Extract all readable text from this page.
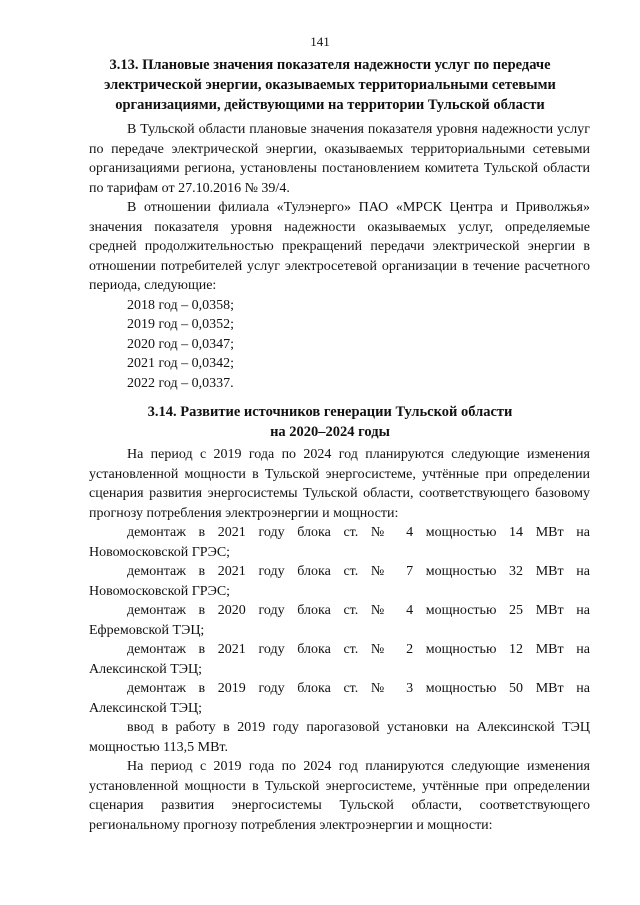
141
3.13. Плановые значения показателя надежности услуг по передаче
электрической энергии, оказываемых территориальными сетевыми
организациями, действующими на территории Тульской области

В Тульской области плановые значения показателя уровня надежности услуг по передаче электрической энергии, оказываемых территориальными сетевыми организациями региона, установлены постановлением комитета Тульской области по тарифам от 27.10.2016 № 39/4.

В отношении филиала «Тулэнерго» ПАО «МРСК Центра и Приволжья» значения показателя уровня надежности оказываемых услуг, определяемые средней продолжительностью прекращений передачи электрической энергии в отношении потребителей услуг электросетевой организации в течение расчетного периода, следующие:

2018 год – 0,0358;

2019 год – 0,0352;

2020 год – 0,0347;

2021 год – 0,0342;

2022 год – 0,0337.

3.14. Развитие источников генерации Тульской области
на 2020–2024 годы

На период с 2019 года по 2024 год планируются следующие изменения установленной мощности в Тульской энергосистеме, учтённые при определении сценария развития энергосистемы Тульской области, соответствующего базовому прогнозу потребления электроэнергии и мощности:

демонтаж в 2021 году блока ст. № 4 мощностью 14 МВт на

Новомосковской ГРЭС;

демонтаж в 2021 году блока ст. № 7 мощностью 32 МВт на

Новомосковской ГРЭС;

демонтаж в 2020 году блока ст. № 4 мощностью 25 МВт на

Ефремовской ТЭЦ;

демонтаж в 2021 году блока ст. № 2 мощностью 12 МВт на

Алексинской ТЭЦ;

демонтаж в 2019 году блока ст. № 3 мощностью 50 МВт на

Алексинской ТЭЦ;

ввод в работу в 2019 году парогазовой установки на Алексинской ТЭЦ мощностью 113,5 МВт.

На период с 2019 года по 2024 год планируются следующие изменения установленной мощности в Тульской энергосистеме, учтённые при определении сценария развития энергосистемы Тульской области, соответствующего региональному прогнозу потребления электроэнергии и мощности:
